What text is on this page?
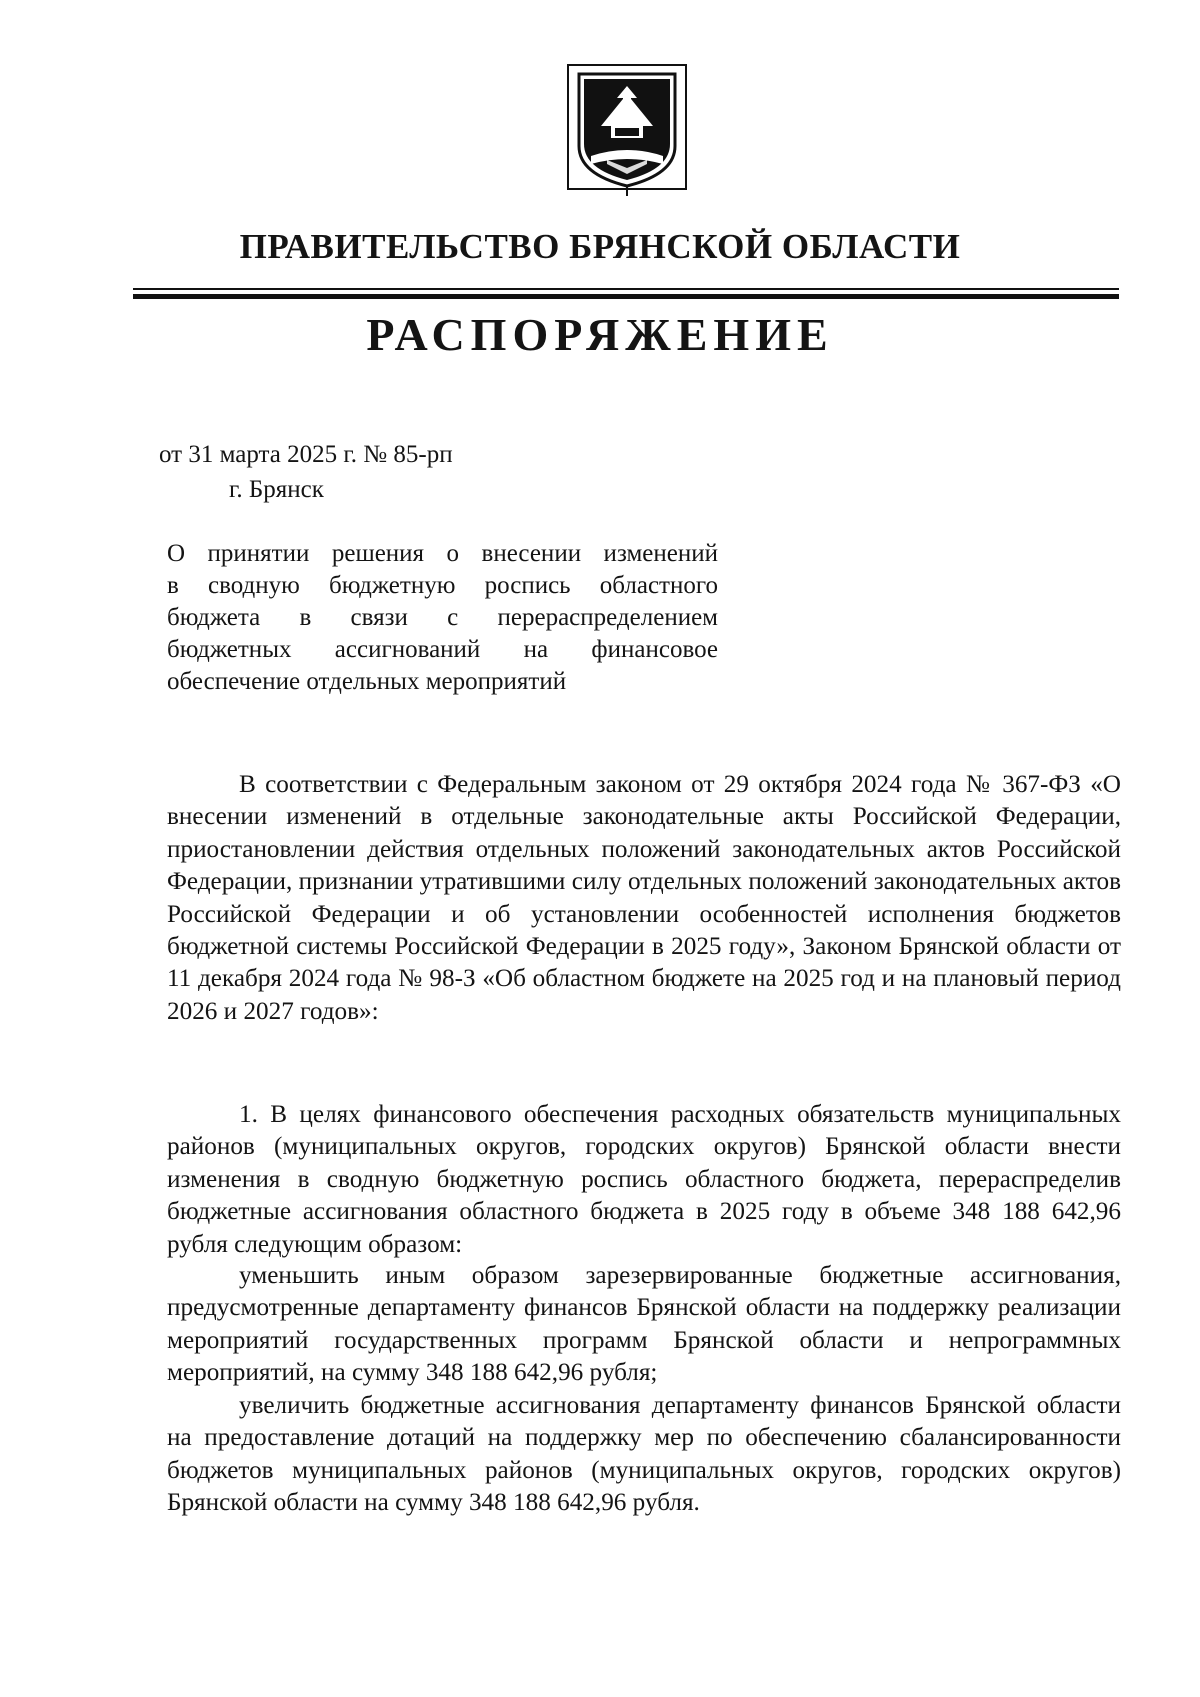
ПРАВИТЕЛЬСТВО БРЯНСКОЙ ОБЛАСТИ
РАСПОРЯЖЕНИЕ
от 31 марта 2025 г. № 85-рп
г. Брянск
О принятии решения о внесении изменений
в сводную бюджетную роспись областного
бюджета в связи с перераспределением
бюджетных ассигнований на финансовое
обеспечение отдельных мероприятий

В соответствии с Федеральным законом от 29 октября 2024 года № 367-ФЗ «О внесении изменений в отдельные законодательные акты Российской Федерации, приостановлении действия отдельных положений законодательных актов Российской Федерации, признании утратившими силу отдельных положений законодательных актов Российской Федерации и об установлении особенностей исполнения бюджетов бюджетной системы Российской Федерации в 2025 году», Законом Брянской области от 11 декабря 2024 года № 98-З «Об областном бюджете на 2025 год и на плановый период 2026 и 2027 годов»:

1. В целях финансового обеспечения расходных обязательств муниципальных районов (муниципальных округов, городских округов) Брянской области внести изменения в сводную бюджетную роспись областного бюджета, перераспределив бюджетные ассигнования областного бюджета в 2025 году в объеме 348 188 642,96 рубля следующим образом:

уменьшить иным образом зарезервированные бюджетные ассигнования, предусмотренные департаменту финансов Брянской области на поддержку реализации мероприятий государственных программ Брянской области и непрограммных мероприятий, на сумму 348 188 642,96 рубля;

увеличить бюджетные ассигнования департаменту финансов Брянской области на предоставление дотаций на поддержку мер по обеспечению сбалансированности бюджетов муниципальных районов (муниципальных округов, городских округов) Брянской области на сумму 348 188 642,96 рубля.
